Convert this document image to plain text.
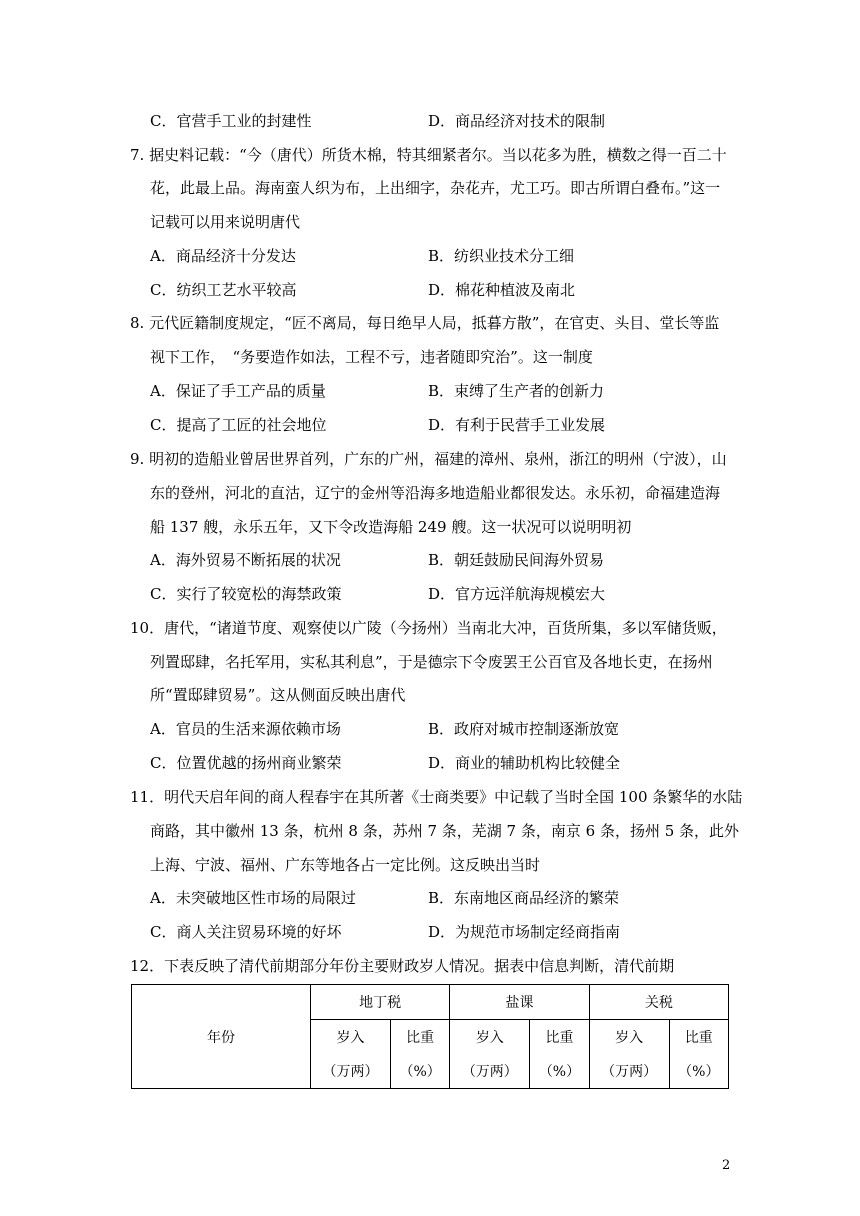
C．官营手工业的封建性	D．商品经济对技术的限制
7. 据史料记载：“今（唐代）所货木棉，特其细紧者尔。当以花多为胜，横数之得一百二十
花，此最上品。海南蛮人织为布，上出细字，杂花卉，尤工巧。即古所谓白叠布。”这一
记载可以用来说明唐代
A．商品经济十分发达	B．纺织业技术分工细
C．纺织工艺水平较高	D．棉花种植波及南北
8. 元代匠籍制度规定，“匠不离局，每日绝早人局，抵暮方散”，在官吏、头目、堂长等监
视下工作，　“务要造作如法，工程不亏，违者随即究治”。这一制度
A．保证了手工产品的质量	B．束缚了生产者的创新力
C．提高了工匠的社会地位	D．有利于民营手工业发展
9. 明初的造船业曾居世界首列，广东的广州，福建的漳州、泉州，浙江的明州（宁波），山
东的登州，河北的直沽，辽宁的金州等沿海多地造船业都很发达。永乐初，命福建造海
船 137 艘，永乐五年，又下令改造海船 249 艘。这一状况可以说明明初
A．海外贸易不断拓展的状况	B．朝廷鼓励民间海外贸易
C．实行了较宽松的海禁政策	D．官方远洋航海规模宏大
10．唐代，“诸道节度、观察使以广陵（今扬州）当南北大冲，百货所集，多以军储货贩，
列置邸肆，名托军用，实私其利息”，于是德宗下令废罢王公百官及各地长吏，在扬州
所“置邸肆贸易”。这从侧面反映出唐代
A．官员的生活来源依赖市场	B．政府对城市控制逐渐放宽
C．位置优越的扬州商业繁荣	D．商业的辅助机构比较健全
11．明代天启年间的商人程春宇在其所著《士商类要》中记载了当时全国 100 条繁华的水陆
商路，其中徽州 13 条，杭州 8 条，苏州 7 条，芜湖 7 条，南京 6 条，扬州 5 条，此外
上海、宁波、福州、广东等地各占一定比例。这反映出当时
A．未突破地区性市场的局限过	B．东南地区商品经济的繁荣
C．商人关注贸易环境的好坏	D．为规范市场制定经商指南
12．下表反映了清代前期部分年份主要财政岁人情况。据表中信息判断，清代前期
年份	地丁税		盐课		关税	
	岁入	比重	岁入	比重	岁入	比重
	（万两）	（%）	（万两）	（%）	（万两）	（%）
2
